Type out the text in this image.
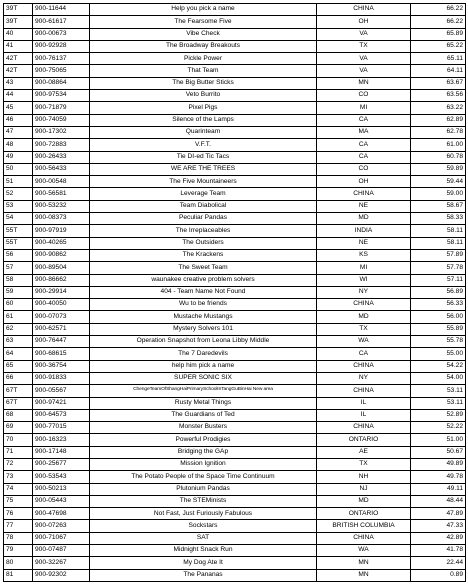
39T	900-11644	Help you pick a name	CHINA	66.22
39T	900-61617	The Fearsome Five	OH	66.22
40	900-00673	Vibe Check	VA	65.89
41	900-92928	The Broadway Breakouts	TX	65.22
42T	900-76137	Pickle Power	VA	65.11
42T	900-75065	That Team	VA	64.11
43	900-08864	The Big Butter Sticks	MN	63.67
44	900-97534	Veto Burrito	CO	63.56
45	900-71879	Pixel Pigs	MI	63.22
46	900-74059	Silence of the Lamps	CA	62.89
47	900-17302	Quarinteam	MA	62.78
48	900-72883	V.F.T.	CA	61.00
49	900-26433	Tie DI-ed Tic Tacs	CA	60.78
50	900-56433	WE ARE THE TREES	CO	59.89
51	900-00548	The Five Mountaineers	OH	59.44
52	900-56581	Leverage Team	CHINA	59.00
53	900-53232	Team Diabolical	NE	58.67
54	900-08373	Peculiar Pandas	MD	58.33
55T	900-97919	The Irreplaceables	INDIA	58.11
55T	900-40265	The Outsiders	NE	58.11
56	900-90862	The Krackens	KS	57.89
57	900-89504	The Sweet Team	MI	57.78
58	900-86662	waunakee creative problem solvers	WI	57.11
59	900-29914	404 - Team Name Not Found	NY	56.89
60	900-40050	Wu to be friends	CHINA	56.33
61	900-07073	Mustache Mustangs	MD	56.00
62	900-62571	Mystery Solvers 101	TX	55.89
63	900-76447	Operation Snapshot from Leona Libby Middle	WA	55.78
64	900-68615	The 7 Daredevils	CA	55.00
65	900-36754	help him pick a name	CHINA	54.22
66	900-91833	SUPER SONIC SIX	NY	54.00
67T	900-05567	ChengeTeamOfShangHaiPrimarySchoolInTangGuBinHai New area	CHINA	53.11
67T	900-97421	Rusty Metal Things	IL	53.11
68	900-64573	The Guardians of Ted	IL	52.89
69	900-77015	Monster Busters	CHINA	52.22
70	900-16323	Powerful Prodigies	ONTARIO	51.00
71	900-17148	Bridging the GAp	AE	50.67
72	900-25677	Mission Ignition	TX	49.89
73	900-53543	The Potato People of the Space Time Continuum	NH	49.78
74	900-50213	Plutonium Pandas	NJ	49.11
75	900-05443	The STEMinists	MD	48.44
76	900-47698	Not Fast, Just Furiously Fabulous	ONTARIO	47.89
77	900-07263	Sockstars	BRITISH COLUMBIA	47.33
78	900-71067	SAT	CHINA	42.89
79	900-07487	Midnight Snack Run	WA	41.78
80	900-32267	My Dog Ate It	MN	22.44
81	900-92302	The Pananas	MN	0.89
